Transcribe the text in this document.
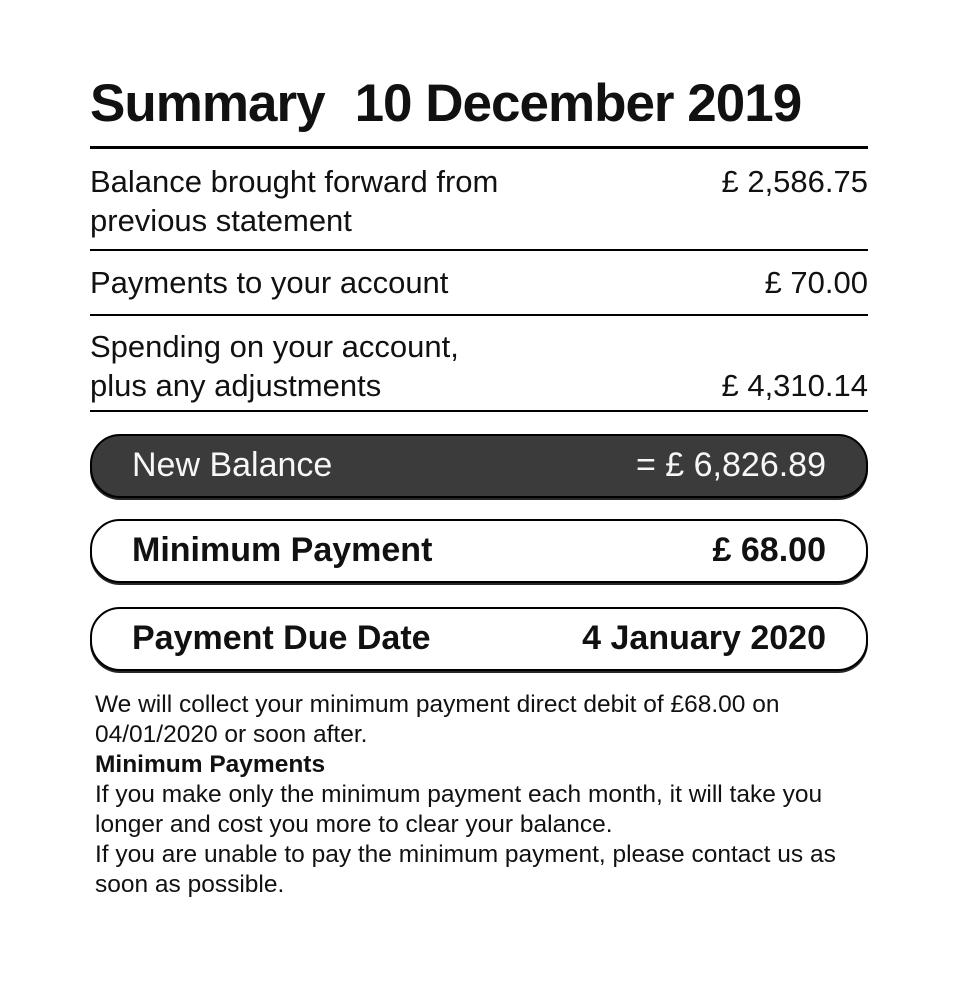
Summary 10 December 2019
Balance brought forward from
previous statement
£ 2,586.75
Payments to your account	£ 70.00
Spending on your account,
plus any adjustments	£ 4,310.14
New Balance	= £ 6,826.89
Minimum Payment	£ 68.00
Payment Due Date	4 January 2020

We will collect your minimum payment direct debit of £68.00 on 04/01/2020 or soon after.

Minimum Payments

If you make only the minimum payment each month, it will take you longer and cost you more to clear your balance.

If you are unable to pay the minimum payment, please contact us as soon as possible.
